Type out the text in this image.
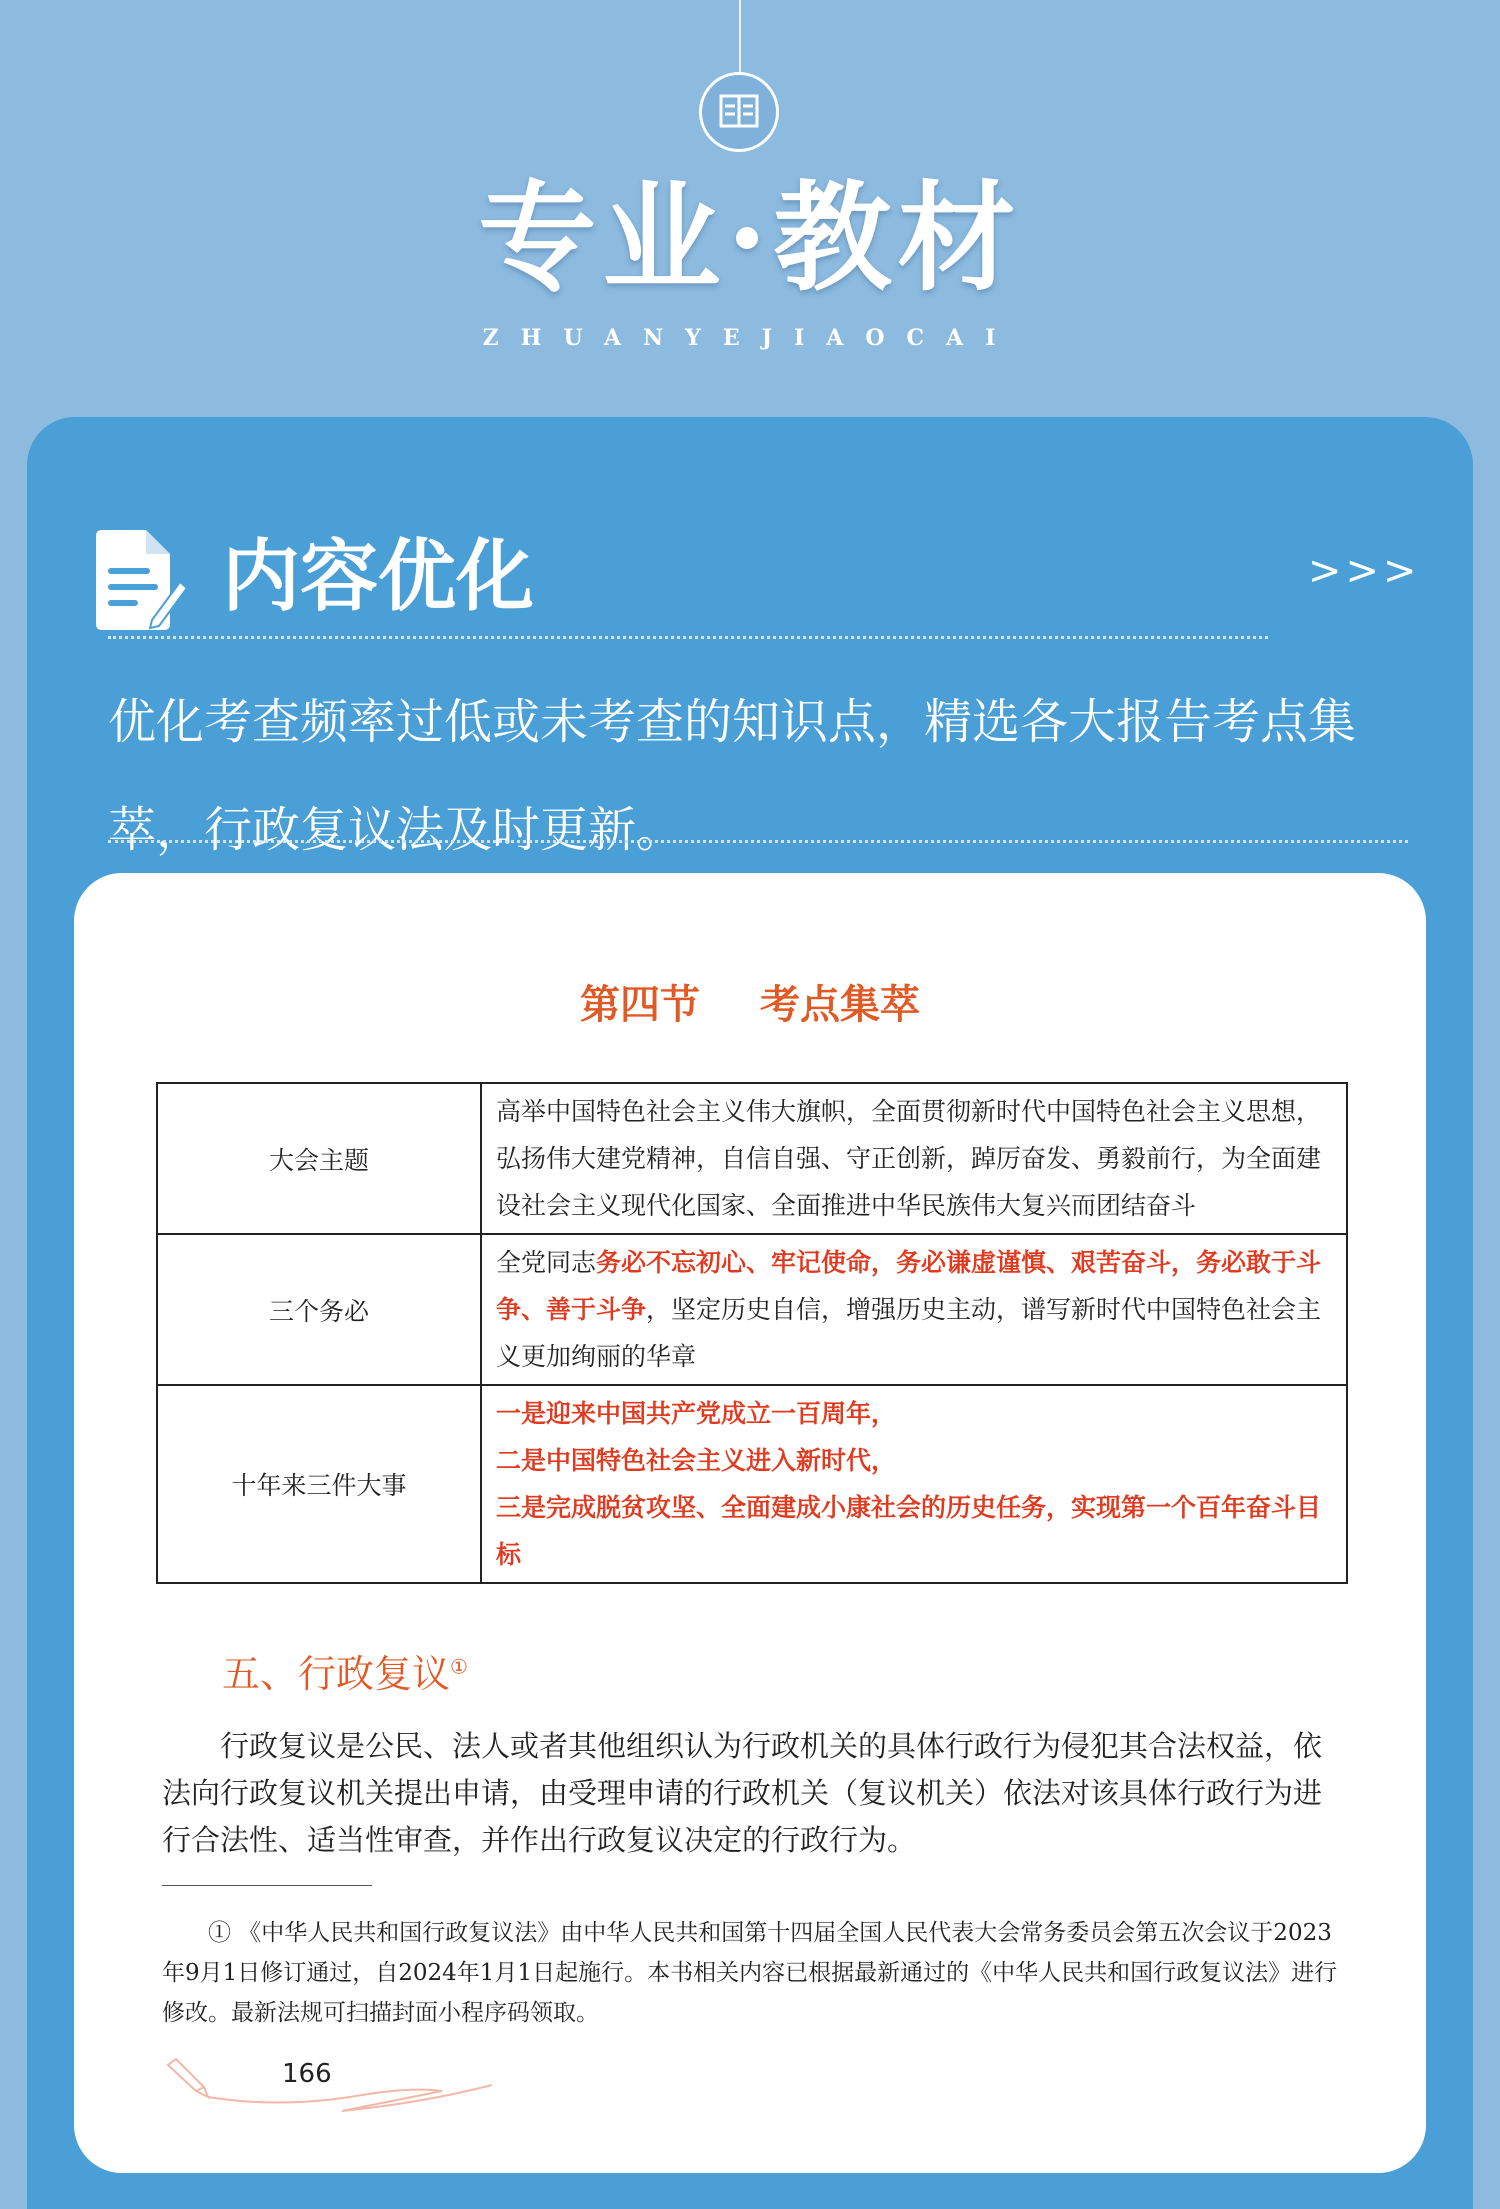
专业·教材
ZHUANYEJIAOCAI
内容优化	>>>
优化考查频率过低或未考查的知识点，精选各大报告考点集萃，行政复议法及时更新。
第四节 考点集萃
大会主题	高举中国特色社会主义伟大旗帜，全面贯彻新时代中国特色社会主义思想，弘扬伟大建党精神，自信自强、守正创新，踔厉奋发、勇毅前行，为全面建设社会主义现代化国家、全面推进中华民族伟大复兴而团结奋斗
三个务必	全党同志务必不忘初心、牢记使命，务必谦虚谨慎、艰苦奋斗，务必敢于斗争、善于斗争，坚定历史自信，增强历史主动，谱写新时代中国特色社会主义更加绚丽的华章
十年来三件大事	一是迎来中国共产党成立一百周年，
二是中国特色社会主义进入新时代，
三是完成脱贫攻坚、全面建成小康社会的历史任务，实现第一个百年奋斗目标
五、行政复议①
行政复议是公民、法人或者其他组织认为行政机关的具体行政行为侵犯其合法权益，依法向行政复议机关提出申请，由受理申请的行政机关（复议机关）依法对该具体行政行为进行合法性、适当性审查，并作出行政复议决定的行政行为。
① 《中华人民共和国行政复议法》由中华人民共和国第十四届全国人民代表大会常务委员会第五次会议于2023年9月1日修订通过，自2024年1月1日起施行。本书相关内容已根据最新通过的《中华人民共和国行政复议法》进行修改。最新法规可扫描封面小程序码领取。
166
